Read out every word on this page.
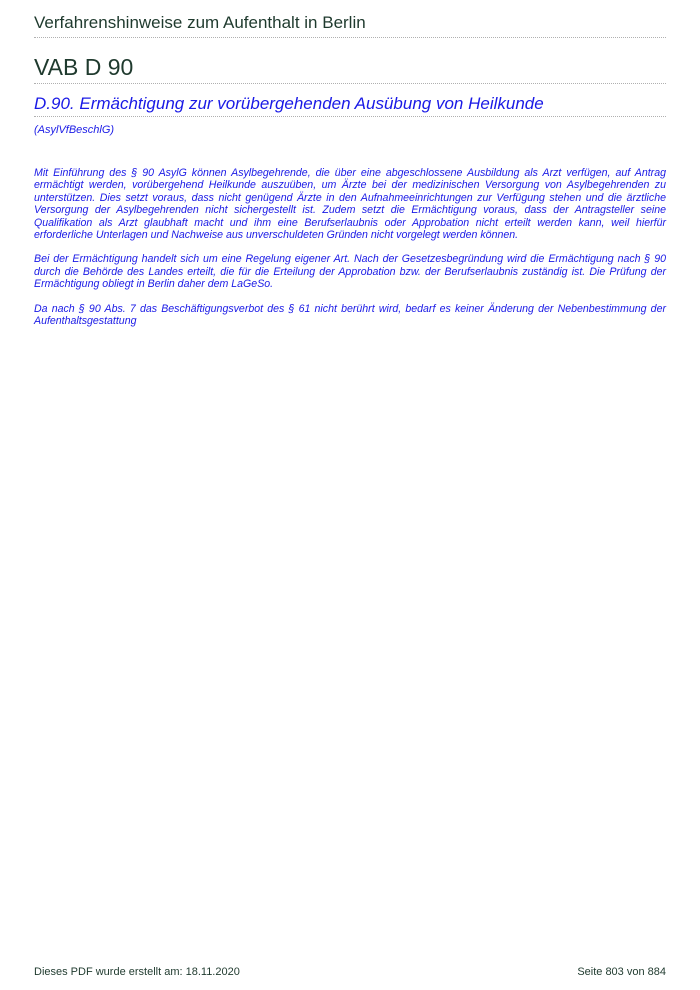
Verfahrenshinweise zum Aufenthalt in Berlin
VAB D 90
D.90. Ermächtigung zur vorübergehenden Ausübung von Heilkunde
(AsylVfBeschlG)

Mit Einführung des § 90 AsylG können Asylbegehrende, die über eine abgeschlossene Ausbildung als Arzt verfügen, auf Antrag ermächtigt werden, vorübergehend Heilkunde auszuüben, um Ärzte bei der medizinischen Versorgung von Asylbegehrenden zu unterstützen. Dies setzt voraus, dass nicht genügend Ärzte in den Aufnahmeeinrichtungen zur Verfügung stehen und die ärztliche Versorgung der Asylbegehrenden nicht sichergestellt ist. Zudem setzt die Ermächtigung voraus, dass der Antragsteller seine Qualifikation als Arzt glaubhaft macht und ihm eine Berufserlaubnis oder Approbation nicht erteilt werden kann, weil hierfür erforderliche Unterlagen und Nachweise aus unverschuldeten Gründen nicht vorgelegt werden können.

Bei der Ermächtigung handelt sich um eine Regelung eigener Art. Nach der Gesetzesbegründung wird die Ermächtigung nach § 90 durch die Behörde des Landes erteilt, die für die Erteilung der Approbation bzw. der Berufserlaubnis zuständig ist. Die Prüfung der Ermächtigung obliegt in Berlin daher dem LaGeSo.

Da nach § 90 Abs. 7 das Beschäftigungsverbot des § 61 nicht berührt wird, bedarf es keiner Änderung der Nebenbestimmung der Aufenthaltsgestattung

Dieses PDF wurde erstellt am: 18.11.2020	Seite 803 von 884
